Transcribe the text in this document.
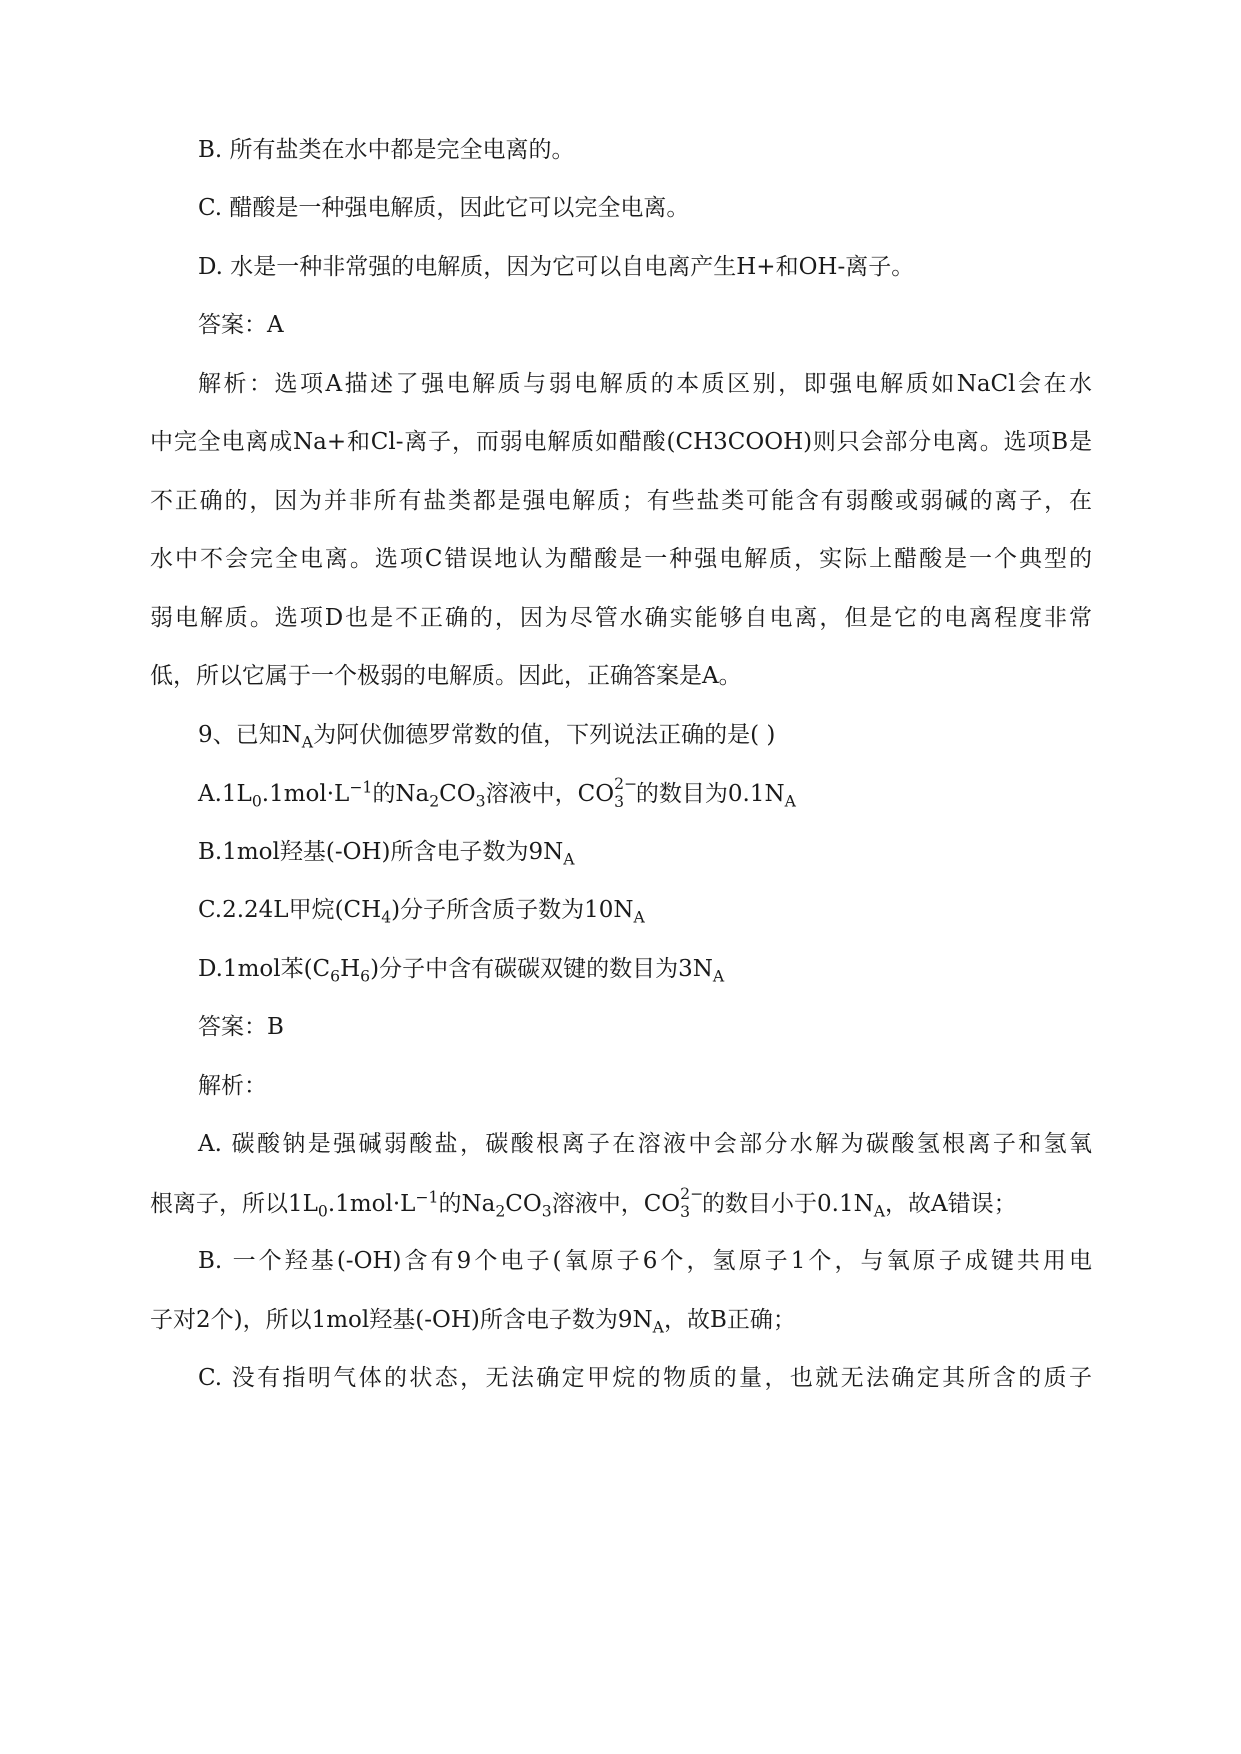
B. 所有盐类在水中都是完全电离的。
C. 醋酸是一种强电解质，因此它可以完全电离。
D. 水是一种非常强的电解质，因为它可以自电离产生H+和OH-离子。
答案：A
解析：选项A描述了强电解质与弱电解质的本质区别，即强电解质如NaCl会在水
中完全电离成Na+和Cl-离子，而弱电解质如醋酸(CH3COOH)则只会部分电离。选项B是
不正确的，因为并非所有盐类都是强电解质；有些盐类可能含有弱酸或弱碱的离子，在
水中不会完全电离。选项C错误地认为醋酸是一种强电解质，实际上醋酸是一个典型的
弱电解质。选项D也是不正确的，因为尽管水确实能够自电离，但是它的电离程度非常
低，所以它属于一个极弱的电解质。因此，正确答案是A。
9、已知$N_A$为阿伏伽德罗常数的值，下列说法正确的是( )
$A.1L_0.1mol\cdot L^{-1}$的$Na_2CO_3$溶液中，CO 2−
3 的数目为$0.1N_A$
B.1mol羟基(-OH)所含电子数为$9N_A$
C.2.24L甲烷$(CH_4)$分子所含质子数为$10N_A$
D.1mol苯$(C_6H_6)$分子中含有碳碳双键的数目为$3N_A$
答案：B
解析：
A. 碳酸钠是强碱弱酸盐，碳酸根离子在溶液中会部分水解为碳酸氢根离子和氢氧
根离子，所以$1L_0.1mol\cdot L^{-1}$的$Na_2CO_3$溶液中，CO 2−
3 的数目小于$0.1N_A$，故A错误；
B. 一个羟基(-OH)含有9个电子(氧原子6个，氢原子1个，与氧原子成键共用电
子对2个)，所以1mol羟基(-OH)所含电子数为$9N_A$，故B正确；
C. 没有指明气体的状态，无法确定甲烷的物质的量，也就无法确定其所含的质子
